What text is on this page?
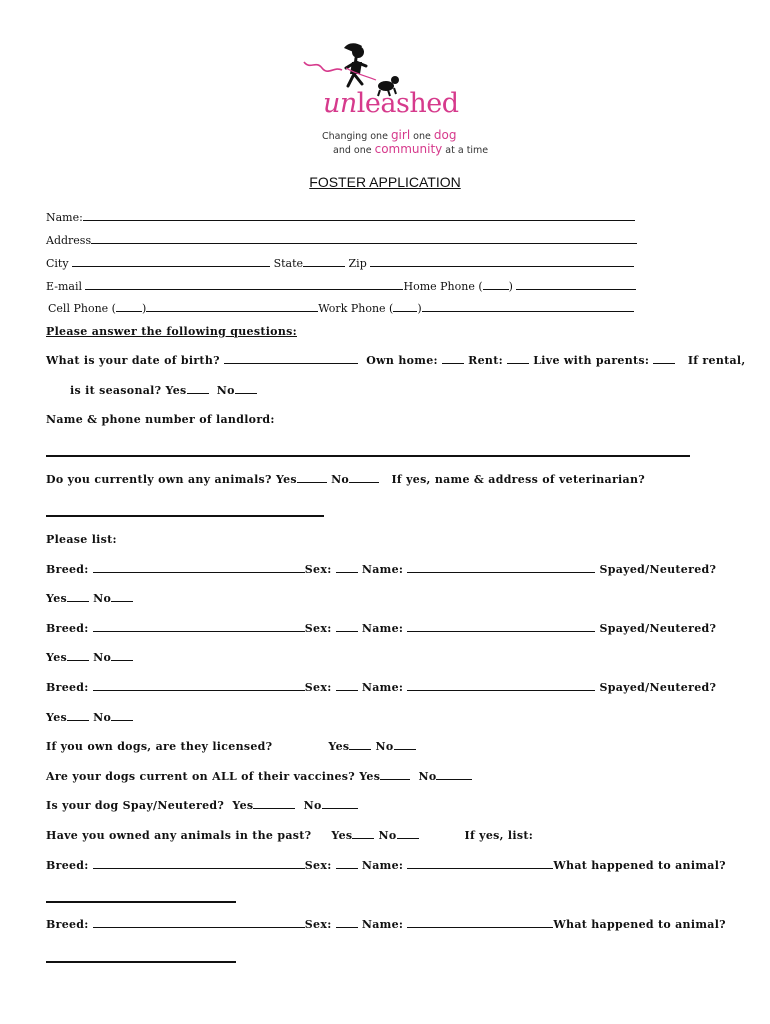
unleashed
Changing one girl one dog
and one community at a time
FOSTER APPLICATION
Name:
Address
City	State	Zip
E-mail	Home Phone ( )
Cell Phone ( )	Work Phone ( )
Please answer the following questions:
What is your date of birth?	Own home:	Rent:	Live with parents:	If rental,
is it seasonal? Yes	No
Name & phone number of landlord:
Do you currently own any animals? Yes	No	If yes, name & address of veterinarian?
Please list:
Breed:	Sex:	Name:	Spayed/Neutered?
Yes No
Breed:	Sex:	Name:	Spayed/Neutered?
Yes No
Breed:	Sex:	Name:	Spayed/Neutered?
Yes No
If you own dogs, are they licensed?	Yes No
Are your dogs current on ALL of their vaccines? Yes	No
Is your dog Spay/Neutered? Yes	No
Have you owned any animals in the past? Yes No	If yes, list:
Breed:	Sex:	Name:	What happened to animal?
Breed:	Sex:	Name:	What happened to animal?
